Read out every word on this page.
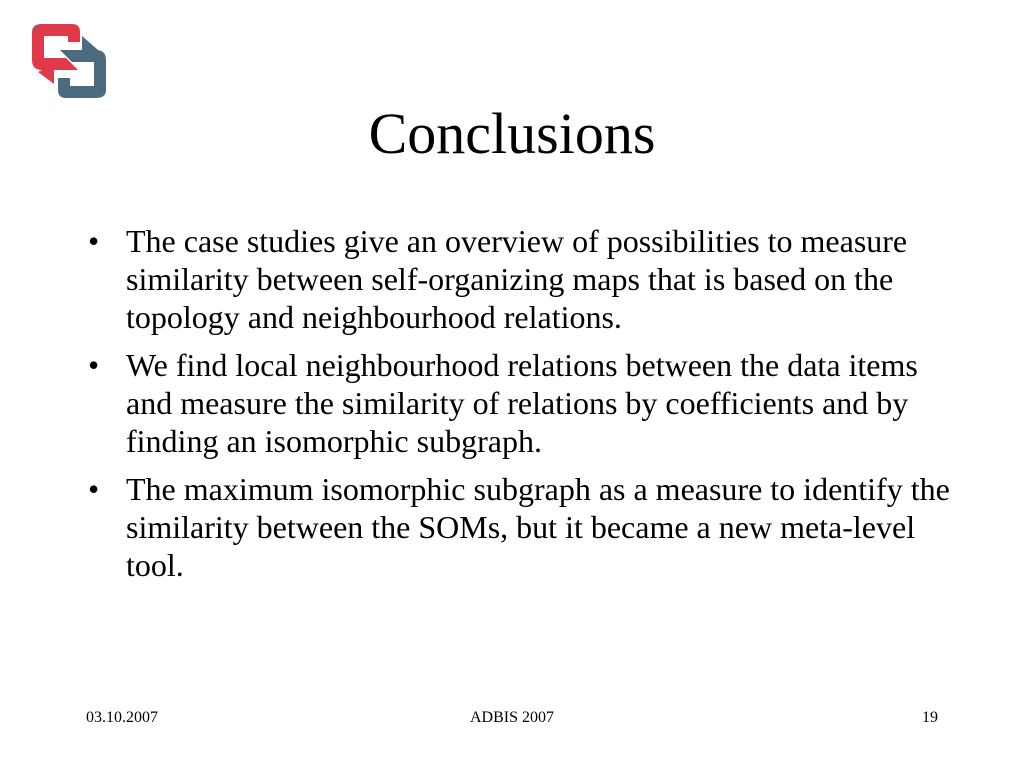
Conclusions
• The case studies give an overview of possibilities to measure similarity between self-organizing maps that is based on the topology and neighbourhood relations.
• We find local neighbourhood relations between the data items and measure the similarity of relations by coefficients and by finding an isomorphic subgraph.
• The maximum isomorphic subgraph as a measure to identify the similarity between the SOMs, but it became a new meta-level tool.
03.10.2007	ADBIS 2007	19
